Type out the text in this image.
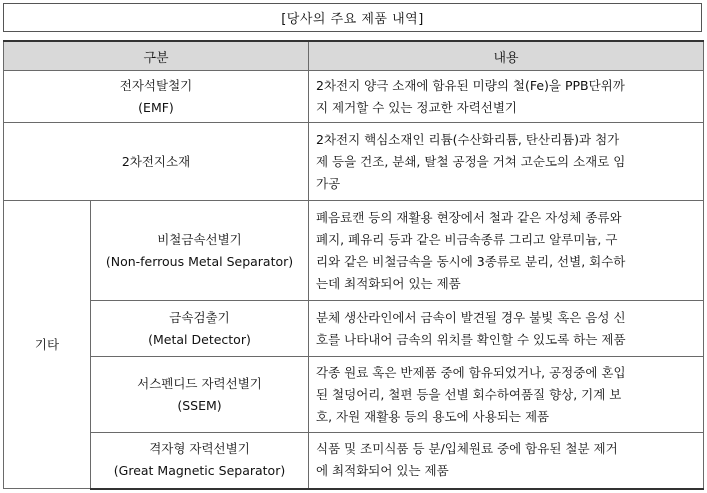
[당사의 주요 제품 내역]
구분		내용

전자석탈철기
(EMF)		2차전지 양극 소재에 함유된 미량의 철(Fe)을 PPB단위까
지 제거할 수 있는 정교한 자력선별기

2차전지소재		2차전지 핵심소재인 리튬(수산화리튬, 탄산리튬)과 첨가
제 등을 건조, 분쇄, 탈철 공정을 거쳐 고순도의 소재로 임
가공

기타	비철금속선별기
(Non-ferrous Metal Separator)	폐음료캔 등의 재활용 현장에서 철과 같은 자성체 종류와
폐지, 폐유리 등과 같은 비금속종류 그리고 알루미늄, 구
리와 같은 비철금속을 동시에 3종류로 분리, 선별, 회수하
는데 최적화되어 있는 제품

	금속검출기
(Metal Detector)	분체 생산라인에서 금속이 발견될 경우 불빛 혹은 음성 신
호를 나타내어 금속의 위치를 확인할 수 있도록 하는 제품

	서스펜디드 자력선별기
(SSEM)	각종 원료 혹은 반제품 중에 함유되었거나, 공정중에 혼입
된 철덩어리, 철편 등을 선별 회수하여품질 향상, 기계 보
호, 자원 재활용 등의 용도에 사용되는 제품

	격자형 자력선별기
(Great Magnetic Separator)	식품 및 조미식품 등 분/입체원료 중에 함유된 철분 제거
에 최적화되어 있는 제품
